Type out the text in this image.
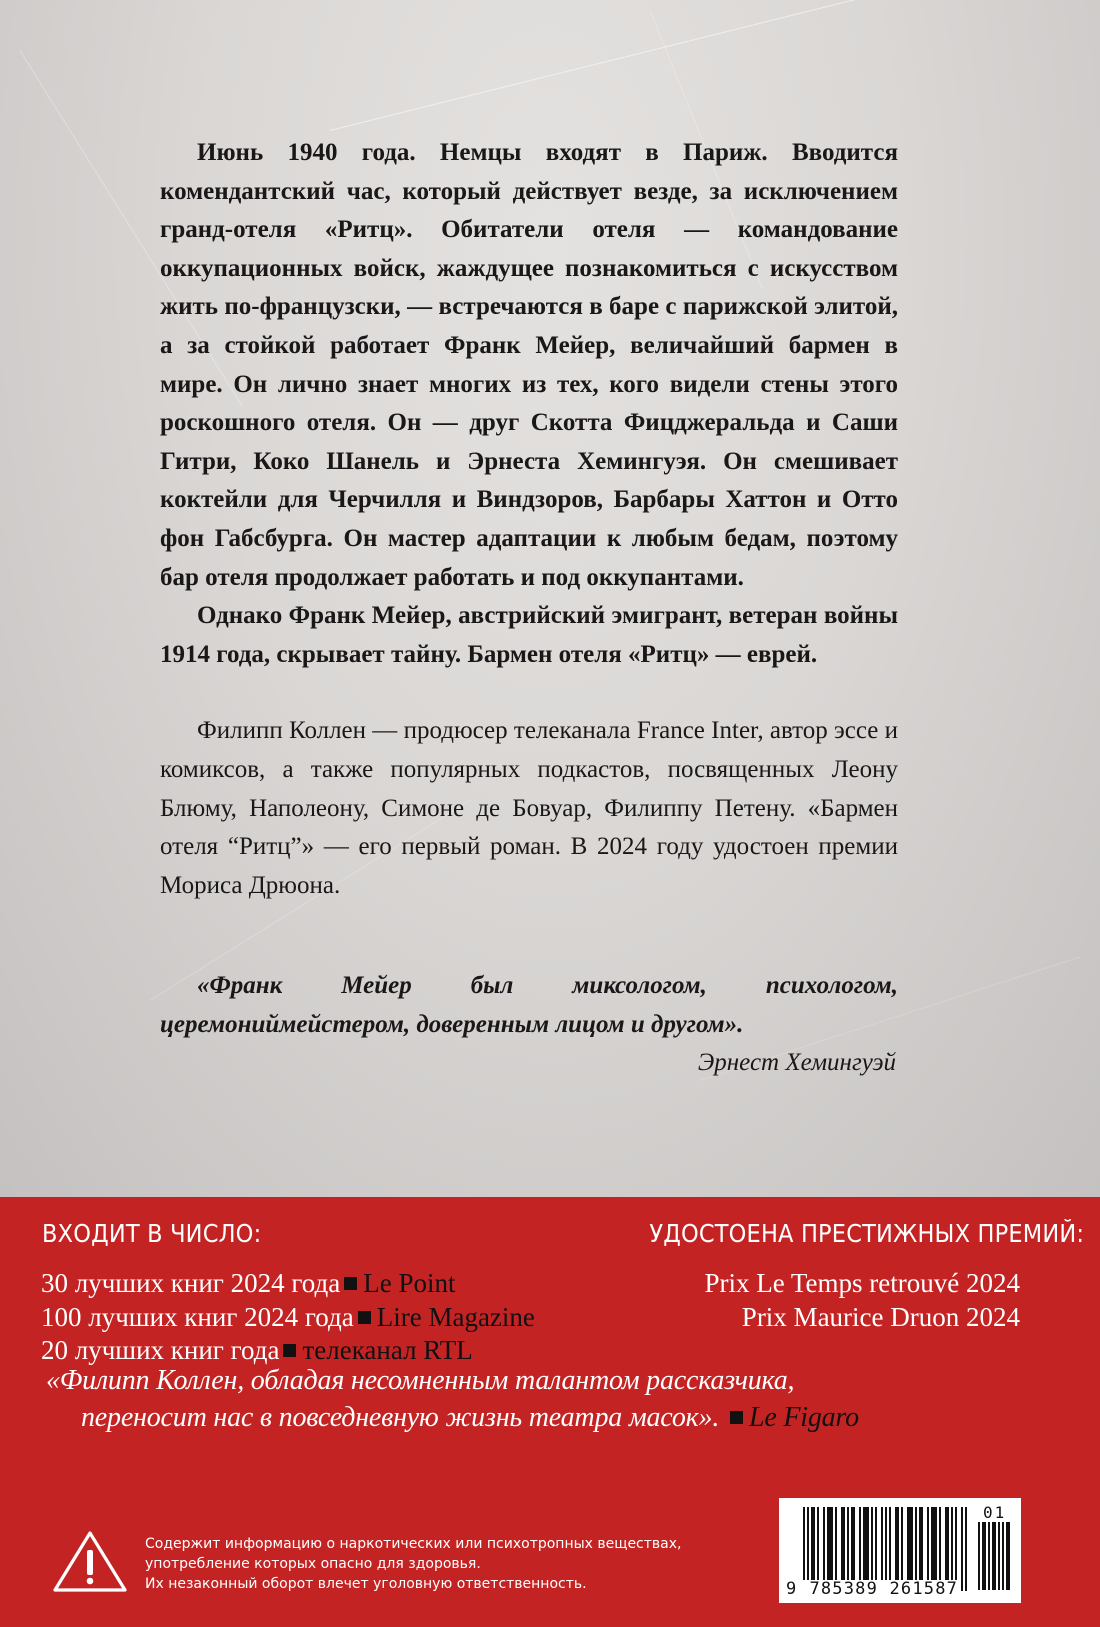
Июнь 1940 года. Немцы входят в Париж. Вводится комендантский час, который действует везде, за исключением гранд-отеля «Ритц». Обитатели отеля — командование оккупационных войск, жаждущее познакомиться с искусством жить по-французски, — встречаются в баре с парижской элитой, а за стойкой работает Франк Мейер, величайший бармен в мире. Он лично знает многих из тех, кого видели стены этого роскошного отеля. Он — друг Скотта Фицджеральда и Саши Гитри, Коко Шанель и Эрнеста Хемингуэя. Он смешивает коктейли для Черчилля и Виндзоров, Барбары Хаттон и Отто фон Габсбурга. Он мастер адаптации к любым бедам, поэтому бар отеля продолжает работать и под оккупантами.

Однако Франк Мейер, австрийский эмигрант, ветеран войны 1914 года, скрывает тайну. Бармен отеля «Ритц» — еврей.

Филипп Коллен — продюсер телеканала France Inter, автор эссе и комиксов, а также популярных подкастов, посвященных Леону Блюму, Наполеону, Симоне де Бовуар, Филиппу Петену. «Бармен отеля “Ритц”» — его первый роман. В 2024 году удостоен премии Мориса Дрюона.

«Франк Мейер был миксологом, психологом, церемониймейстером, доверенным лицом и другом».

Эрнест Хемингуэй

ВХОДИТ В ЧИСЛО:	УДОСТОЕНА ПРЕСТИЖНЫХ ПРЕМИЙ:
30 лучших книг 2024 года Le Point
100 лучших книг 2024 года Lire Magazine
20 лучших книг года телеканал RTL
Prix Le Temps retrouvé 2024
Prix Maurice Druon 2024
«Филипп Коллен, обладая несомненным талантом рассказчика,
переносит нас в повседневную жизнь театра масок». Le Figaro
Содержит информацию о наркотических или психотропных веществах,
употребление которых опасно для здоровья.
Их незаконный оборот влечет уголовную ответственность.	9 785389 261587
01
